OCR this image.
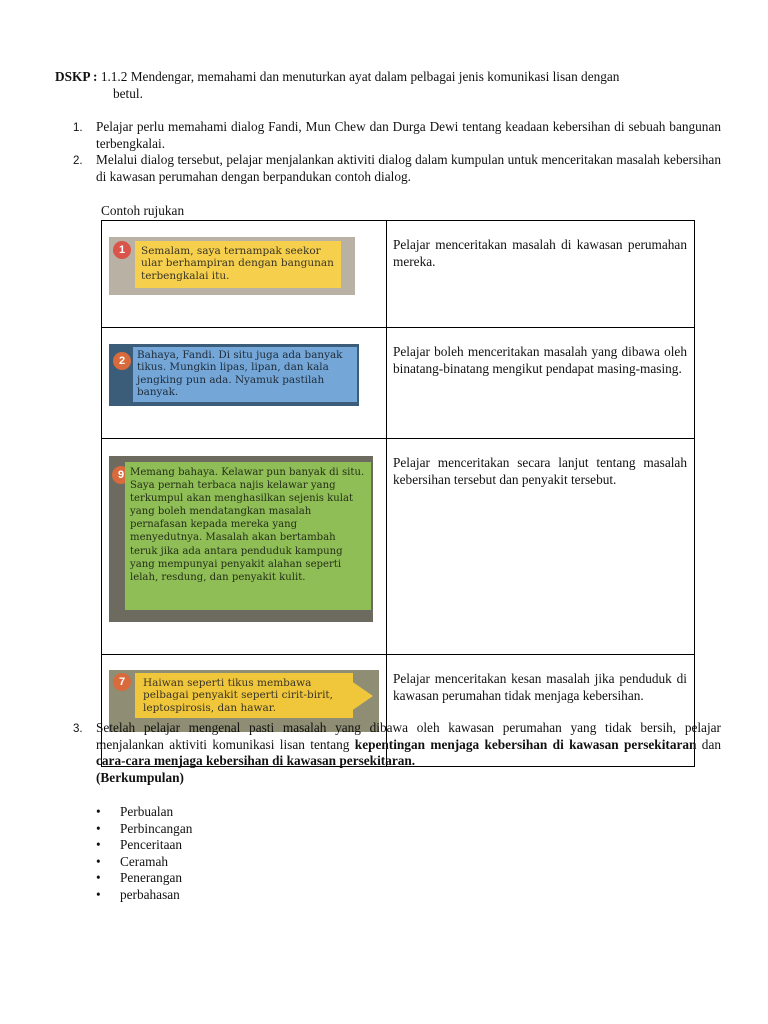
DSKP : 1.1.2 Mendengar, memahami dan menuturkan ayat dalam pelbagai jenis komunikasi lisan dengan
betul.
1. Pelajar perlu memahami dialog Fandi, Mun Chew dan Durga Dewi tentang keadaan kebersihan di sebuah bangunan terbengkalai.
2. Melalui dialog tersebut, pelajar menjalankan aktiviti dialog dalam kumpulan untuk menceritakan masalah kebersihan di kawasan perumahan dengan berpandukan contoh dialog.
Contoh rujukan
1 Semalam, saya ternampak seekor ular berhampiran dengan bangunan terbengkalai itu.	Pelajar menceritakan masalah di kawasan perumahan mereka.

2 Bahaya, Fandi. Di situ juga ada banyak tikus. Mungkin lipas, lipan, dan kala jengking pun ada. Nyamuk pastilah banyak.	Pelajar boleh menceritakan masalah yang dibawa oleh binatang-binatang mengikut pendapat masing-masing.

9 Memang bahaya. Kelawar pun banyak di situ. Saya pernah terbaca najis kelawar yang terkumpul akan menghasilkan sejenis kulat yang boleh mendatangkan masalah pernafasan kepada mereka yang menyedutnya. Masalah akan bertambah teruk jika ada antara penduduk kampung yang mempunyai penyakit alahan seperti lelah, resdung, dan penyakit kulit.	Pelajar menceritakan secara lanjut tentang masalah kebersihan tersebut dan penyakit tersebut.

7 Haiwan seperti tikus membawa pelbagai penyakit seperti cirit-birit, leptospirosis, dan hawar.	Pelajar menceritakan kesan masalah jika penduduk di kawasan perumahan tidak menjaga kebersihan.
3. Setelah pelajar mengenal pasti masalah yang dibawa oleh kawasan perumahan yang tidak bersih, pelajar menjalankan aktiviti komunikasi lisan tentang kepentingan menjaga kebersihan di kawasan persekitaran dan cara-cara menjaga kebersihan di kawasan persekitaran.
(Berkumpulan)
• Perbualan
• Perbincangan
• Penceritaan
• Ceramah
• Penerangan
• perbahasan
